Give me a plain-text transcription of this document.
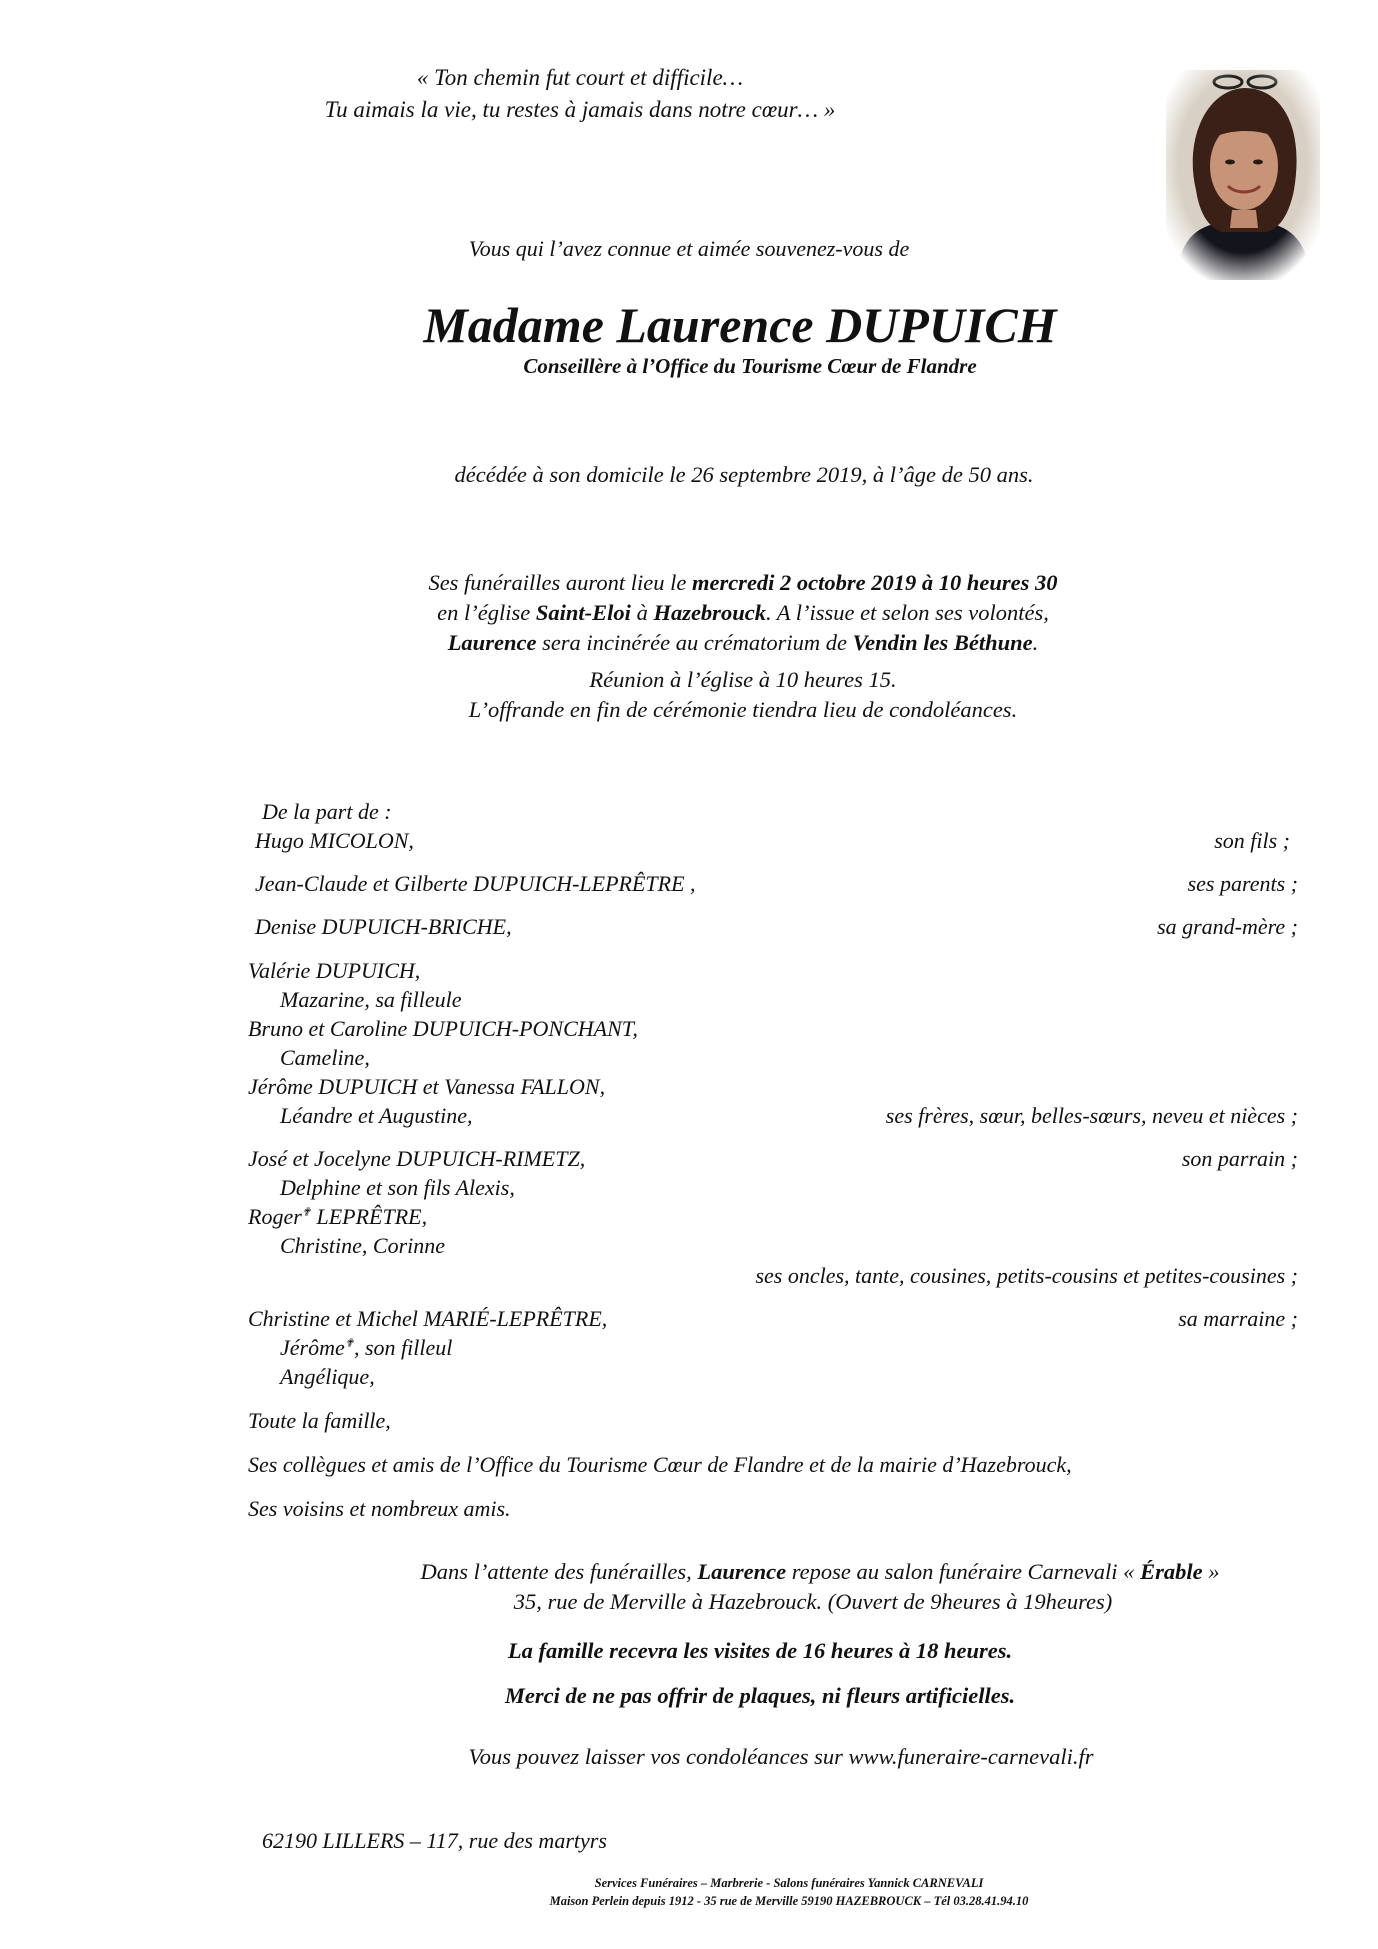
« Ton chemin fut court et difficile…
Tu aimais la vie, tu restes à jamais dans notre cœur… »
Vous qui l’avez connue et aimée souvenez-vous de
Madame Laurence DUPUICH
Conseillère à l’Office du Tourisme Cœur de Flandre
décédée à son domicile le 26 septembre 2019, à l’âge de 50 ans.
Ses funérailles auront lieu le mercredi 2 octobre 2019 à 10 heures 30
en l’église Saint-Eloi à Hazebrouck. A l’issue et selon ses volontés,
Laurence sera incinérée au crématorium de Vendin les Béthune.
Réunion à l’église à 10 heures 15.
L’offrande en fin de cérémonie tiendra lieu de condoléances.
De la part de :
Hugo MICOLON,	son fils ;
Jean-Claude et Gilberte DUPUICH-LEPRÊTRE ,	ses parents ;
Denise DUPUICH-BRICHE,	sa grand-mère ;
Valérie DUPUICH,
Mazarine, sa filleule
Bruno et Caroline DUPUICH-PONCHANT,
Cameline,
Jérôme DUPUICH et Vanessa FALLON,
Léandre et Augustine,	ses frères, sœur, belles-sœurs, neveu et nièces ;
José et Jocelyne DUPUICH-RIMETZ,	son parrain ;
Delphine et son fils Alexis,
Roger✟ LEPRÊTRE,
Christine, Corinne
ses oncles, tante, cousines, petits-cousins et petites-cousines ;
Christine et Michel MARIÉ-LEPRÊTRE,	sa marraine ;
Jérôme✟, son filleul
Angélique,
Toute la famille,
Ses collègues et amis de l’Office du Tourisme Cœur de Flandre et de la mairie d’Hazebrouck,
Ses voisins et nombreux amis.
Dans l’attente des funérailles, Laurence repose au salon funéraire Carnevali « Érable »
35, rue de Merville à Hazebrouck. (Ouvert de 9heures à 19heures)
La famille recevra les visites de 16 heures à 18 heures.
Merci de ne pas offrir de plaques, ni fleurs artificielles.
Vous pouvez laisser vos condoléances sur www.funeraire-carnevali.fr
62190 LILLERS – 117, rue des martyrs
Services Funéraires – Marbrerie - Salons funéraires Yannick CARNEVALI
Maison Perlein depuis 1912 - 35 rue de Merville 59190 HAZEBROUCK – Tél 03.28.41.94.10
